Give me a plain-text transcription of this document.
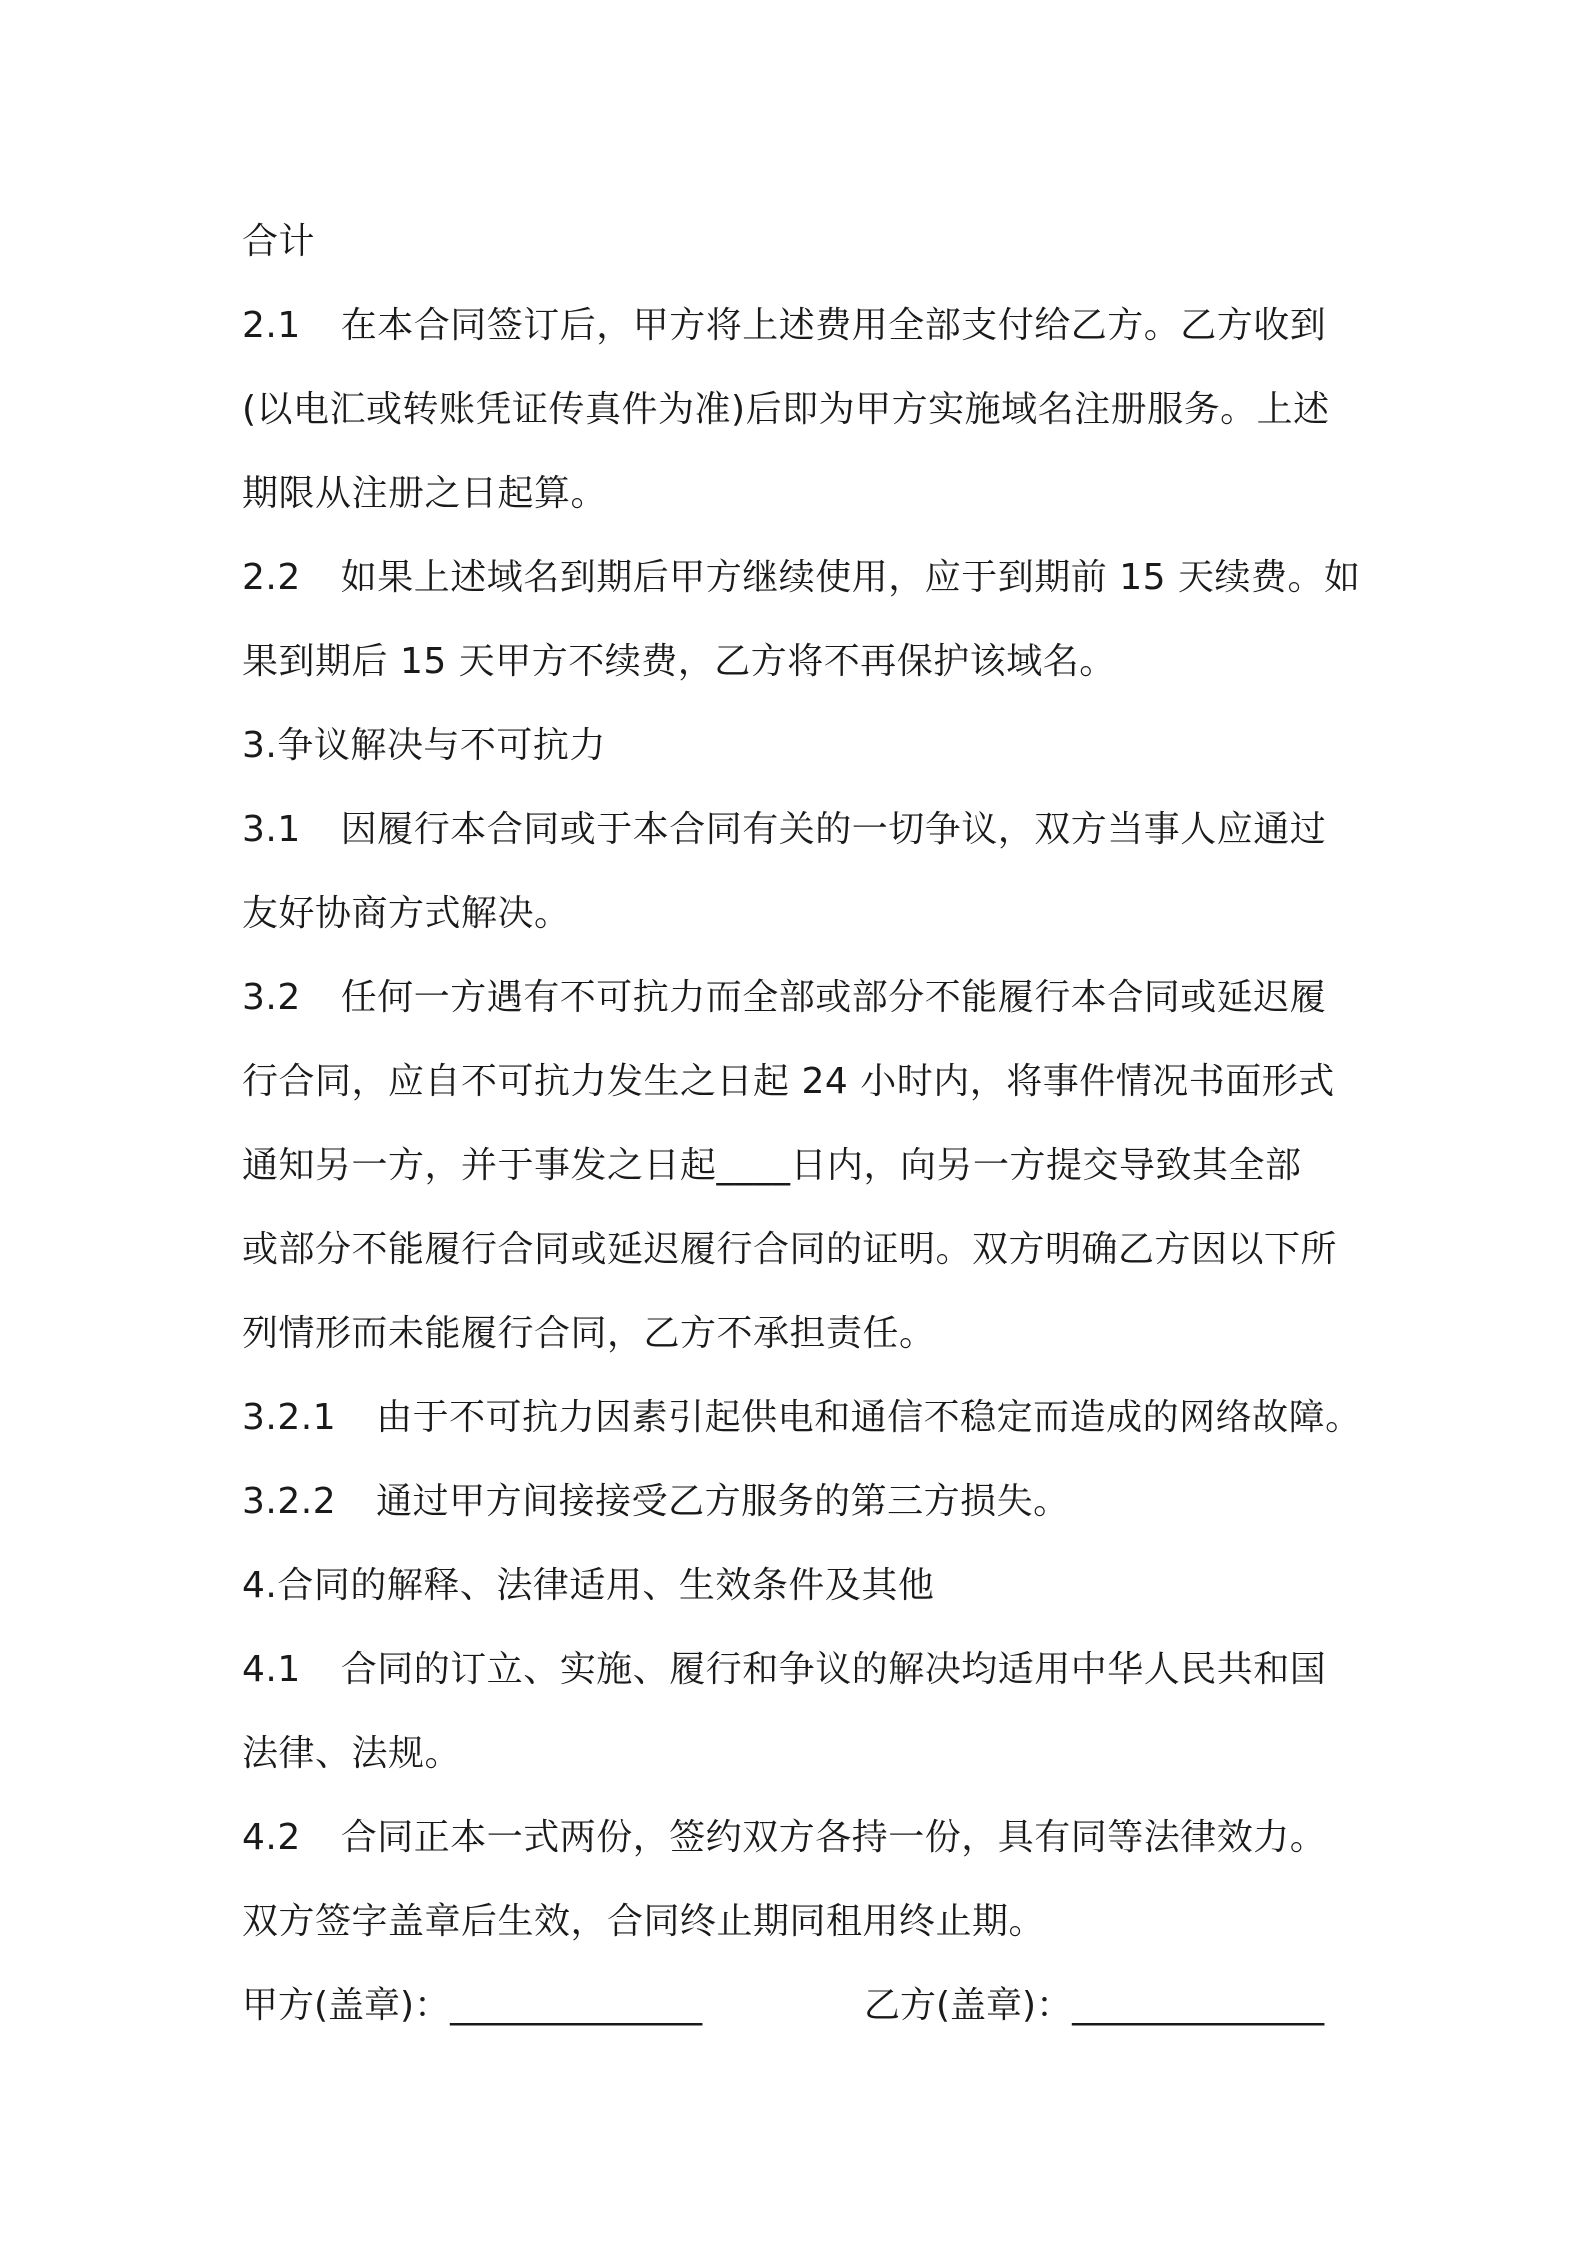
合计
2.1 在本合同签订后，甲方将上述费用全部支付给乙方。乙方收到
(以电汇或转账凭证传真件为准)后即为甲方实施域名注册服务。上述
期限从注册之日起算。
2.2 如果上述域名到期后甲方继续使用，应于到期前 15 天续费。如
果到期后 15 天甲方不续费，乙方将不再保护该域名。
3.争议解决与不可抗力
3.1 因履行本合同或于本合同有关的一切争议，双方当事人应通过
友好协商方式解决。
3.2 任何一方遇有不可抗力而全部或部分不能履行本合同或延迟履
行合同，应自不可抗力发生之日起 24 小时内，将事件情况书面形式
通知另一方，并于事发之日起____日内，向另一方提交导致其全部
或部分不能履行合同或延迟履行合同的证明。双方明确乙方因以下所
列情形而未能履行合同，乙方不承担责任。
3.2.1 由于不可抗力因素引起供电和通信不稳定而造成的网络故障。
3.2.2 通过甲方间接接受乙方服务的第三方损失。
4.合同的解释、法律适用、生效条件及其他
4.1 合同的订立、实施、履行和争议的解决均适用中华人民共和国
法律、法规。
4.2 合同正本一式两份，签约双方各持一份，具有同等法律效力。
双方签字盖章后生效，合同终止期同租用终止期。
甲方(盖章)：______________	乙方(盖章)：______________
